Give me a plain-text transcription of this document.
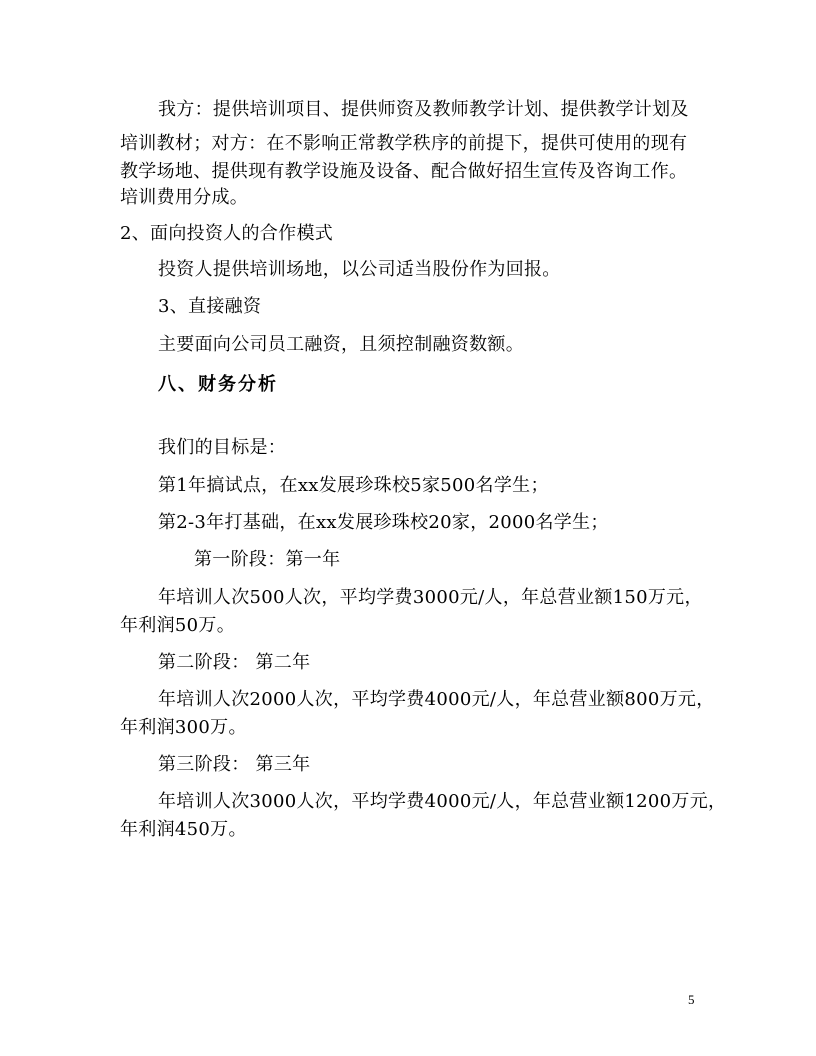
我方：提供培训项目、提供师资及教师教学计划、提供教学计划及
培训教材；对方：在不影响正常教学秩序的前提下，提供可使用的现有
教学场地、提供现有教学设施及设备、配合做好招生宣传及咨询工作。
培训费用分成。
2、面向投资人的合作模式
投资人提供培训场地，以公司适当股份作为回报。
3、直接融资
主要面向公司员工融资，且须控制融资数额。
八、财务分析
我们的目标是：
第1年搞试点，在xx发展珍珠校5家500名学生；
第2-3年打基础，在xx发展珍珠校20家，2000名学生；
第一阶段：第一年
年培训人次500人次，平均学费3000元/人，年总营业额150万元，
年利润50万。
第二阶段： 第二年
年培训人次2000人次，平均学费4000元/人，年总营业额800万元，
年利润300万。
第三阶段： 第三年
年培训人次3000人次，平均学费4000元/人，年总营业额1200万元，
年利润450万。
5
